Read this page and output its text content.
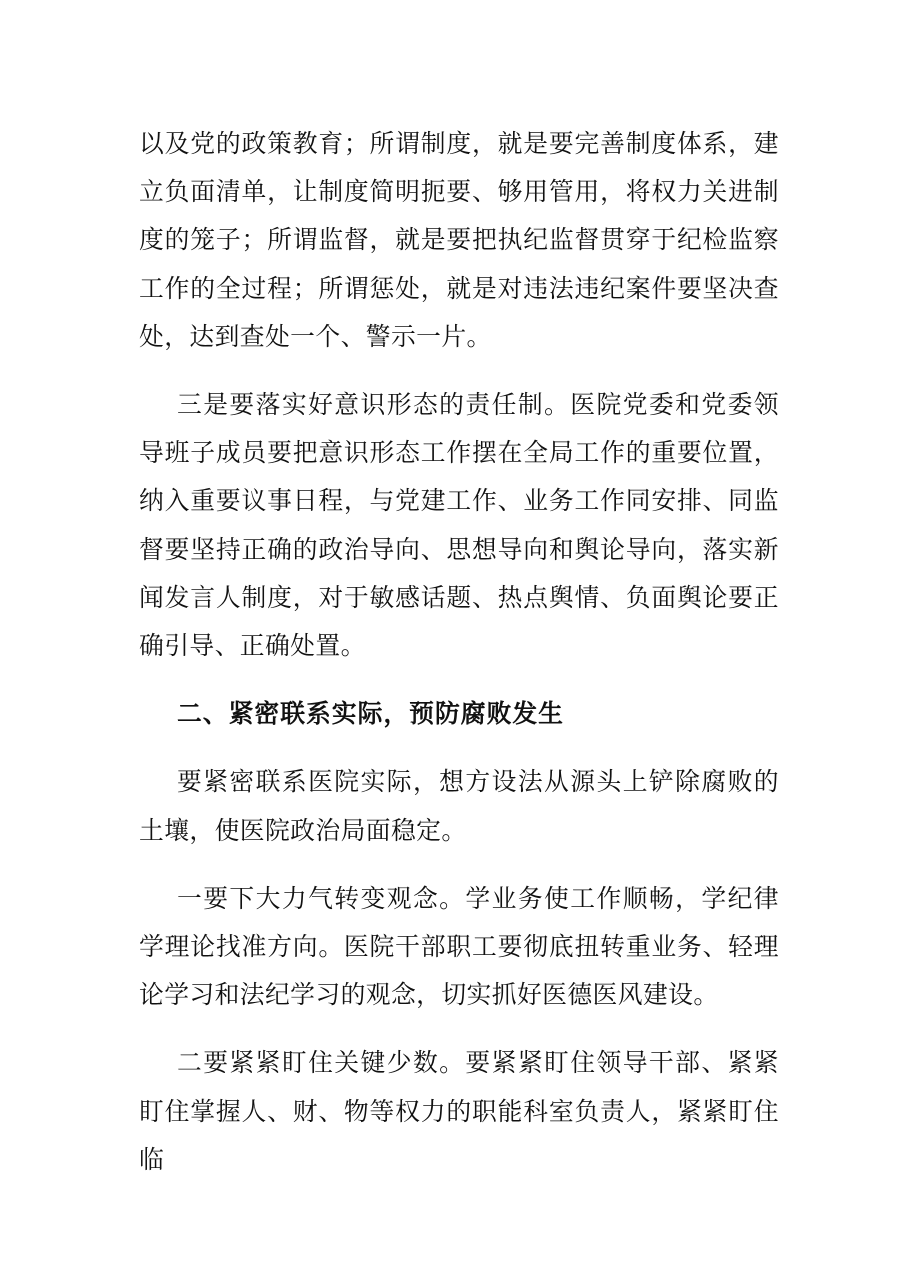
以及党的政策教育；所谓制度，就是要完善制度体系，建立负面清单，让制度简明扼要、够用管用，将权力关进制度的笼子；所谓监督，就是要把执纪监督贯穿于纪检监察工作的全过程；所谓惩处，就是对违法违纪案件要坚决查处，达到查处一个、警示一片。

三是要落实好意识形态的责任制。医院党委和党委领导班子成员要把意识形态工作摆在全局工作的重要位置，纳入重要议事日程，与党建工作、业务工作同安排、同监督要坚持正确的政治导向、思想导向和舆论导向，落实新闻发言人制度，对于敏感话题、热点舆情、负面舆论要正确引导、正确处置。

二、紧密联系实际，预防腐败发生

要紧密联系医院实际，想方设法从源头上铲除腐败的土壤，使医院政治局面稳定。

一要下大力气转变观念。学业务使工作顺畅，学纪律学理论找准方向。医院干部职工要彻底扭转重业务、轻理论学习和法纪学习的观念，切实抓好医德医风建设。

二要紧紧盯住关键少数。要紧紧盯住领导干部、紧紧盯住掌握人、财、物等权力的职能科室负责人，紧紧盯住临
